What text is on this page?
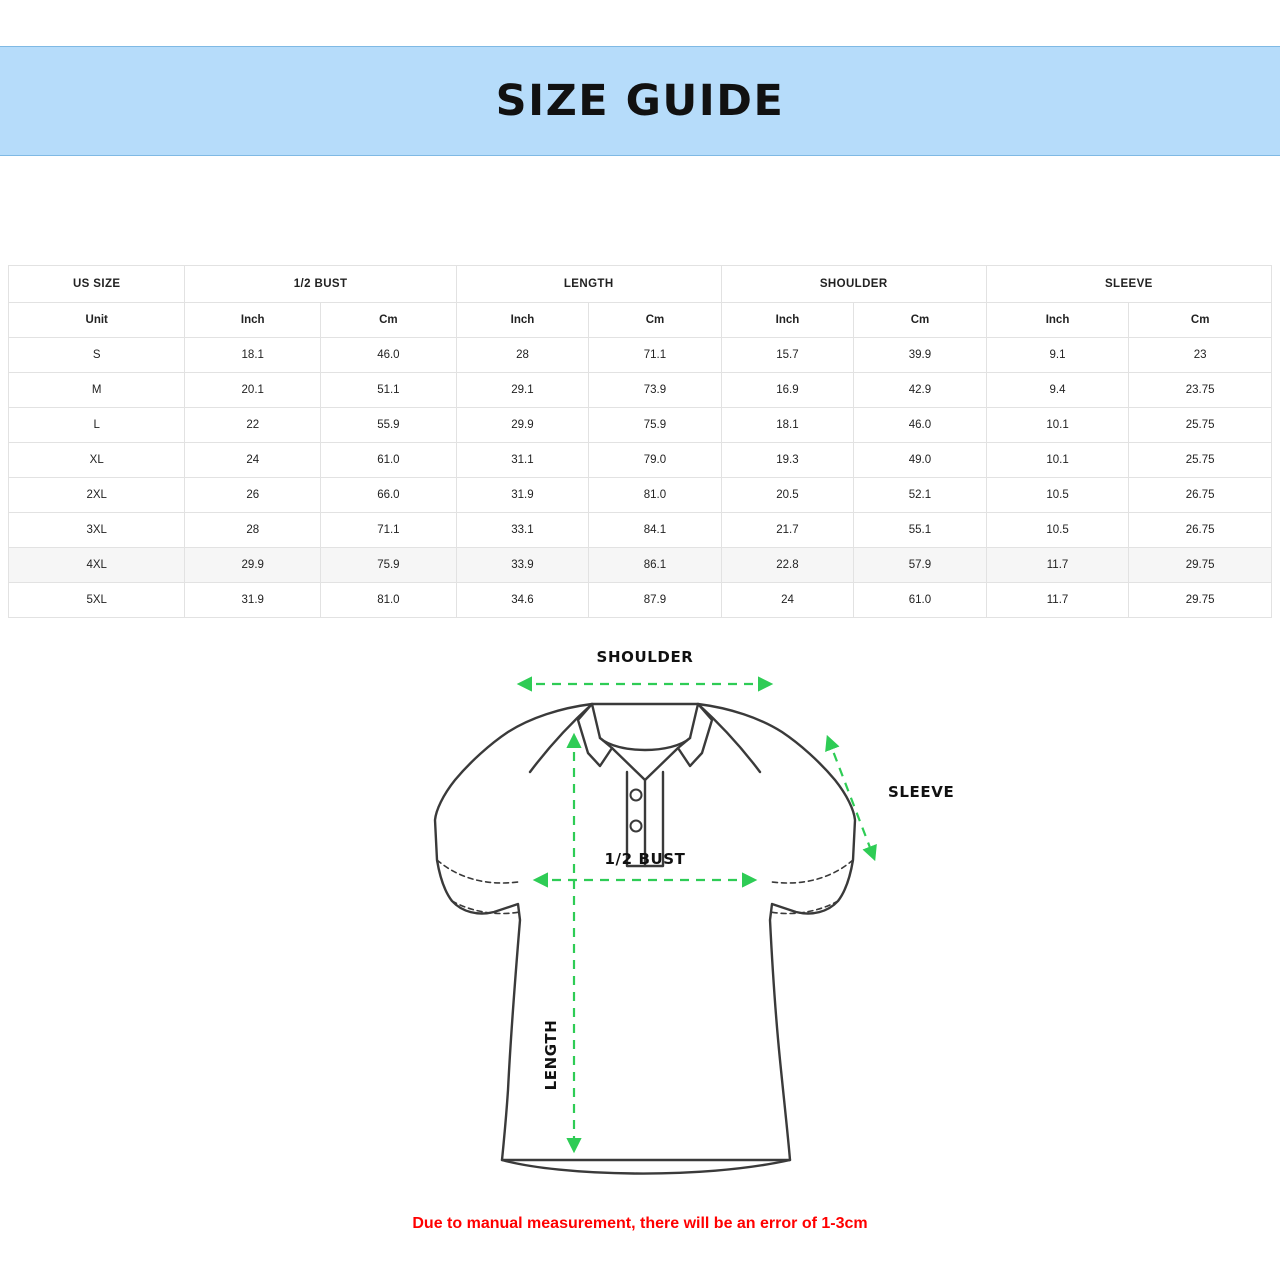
SIZE GUIDE
US SIZE	1/2 BUST		LENGTH		SHOULDER		SLEEVE	
Unit	Inch	Cm	Inch	Cm	Inch	Cm	Inch	Cm
S	18.1	46.0	28	71.1	15.7	39.9	9.1	23
M	20.1	51.1	29.1	73.9	16.9	42.9	9.4	23.75
L	22	55.9	29.9	75.9	18.1	46.0	10.1	25.75
XL	24	61.0	31.1	79.0	19.3	49.0	10.1	25.75
2XL	26	66.0	31.9	81.0	20.5	52.1	10.5	26.75
3XL	28	71.1	33.1	84.1	21.7	55.1	10.5	26.75
4XL	29.9	75.9	33.9	86.1	22.8	57.9	11.7	29.75
5XL	31.9	81.0	34.6	87.9	24	61.0	11.7	29.75
SHOULDER
SLEEVE
1/2 BUST
LENGTH
Due to manual measurement, there will be an error of 1-3cm
